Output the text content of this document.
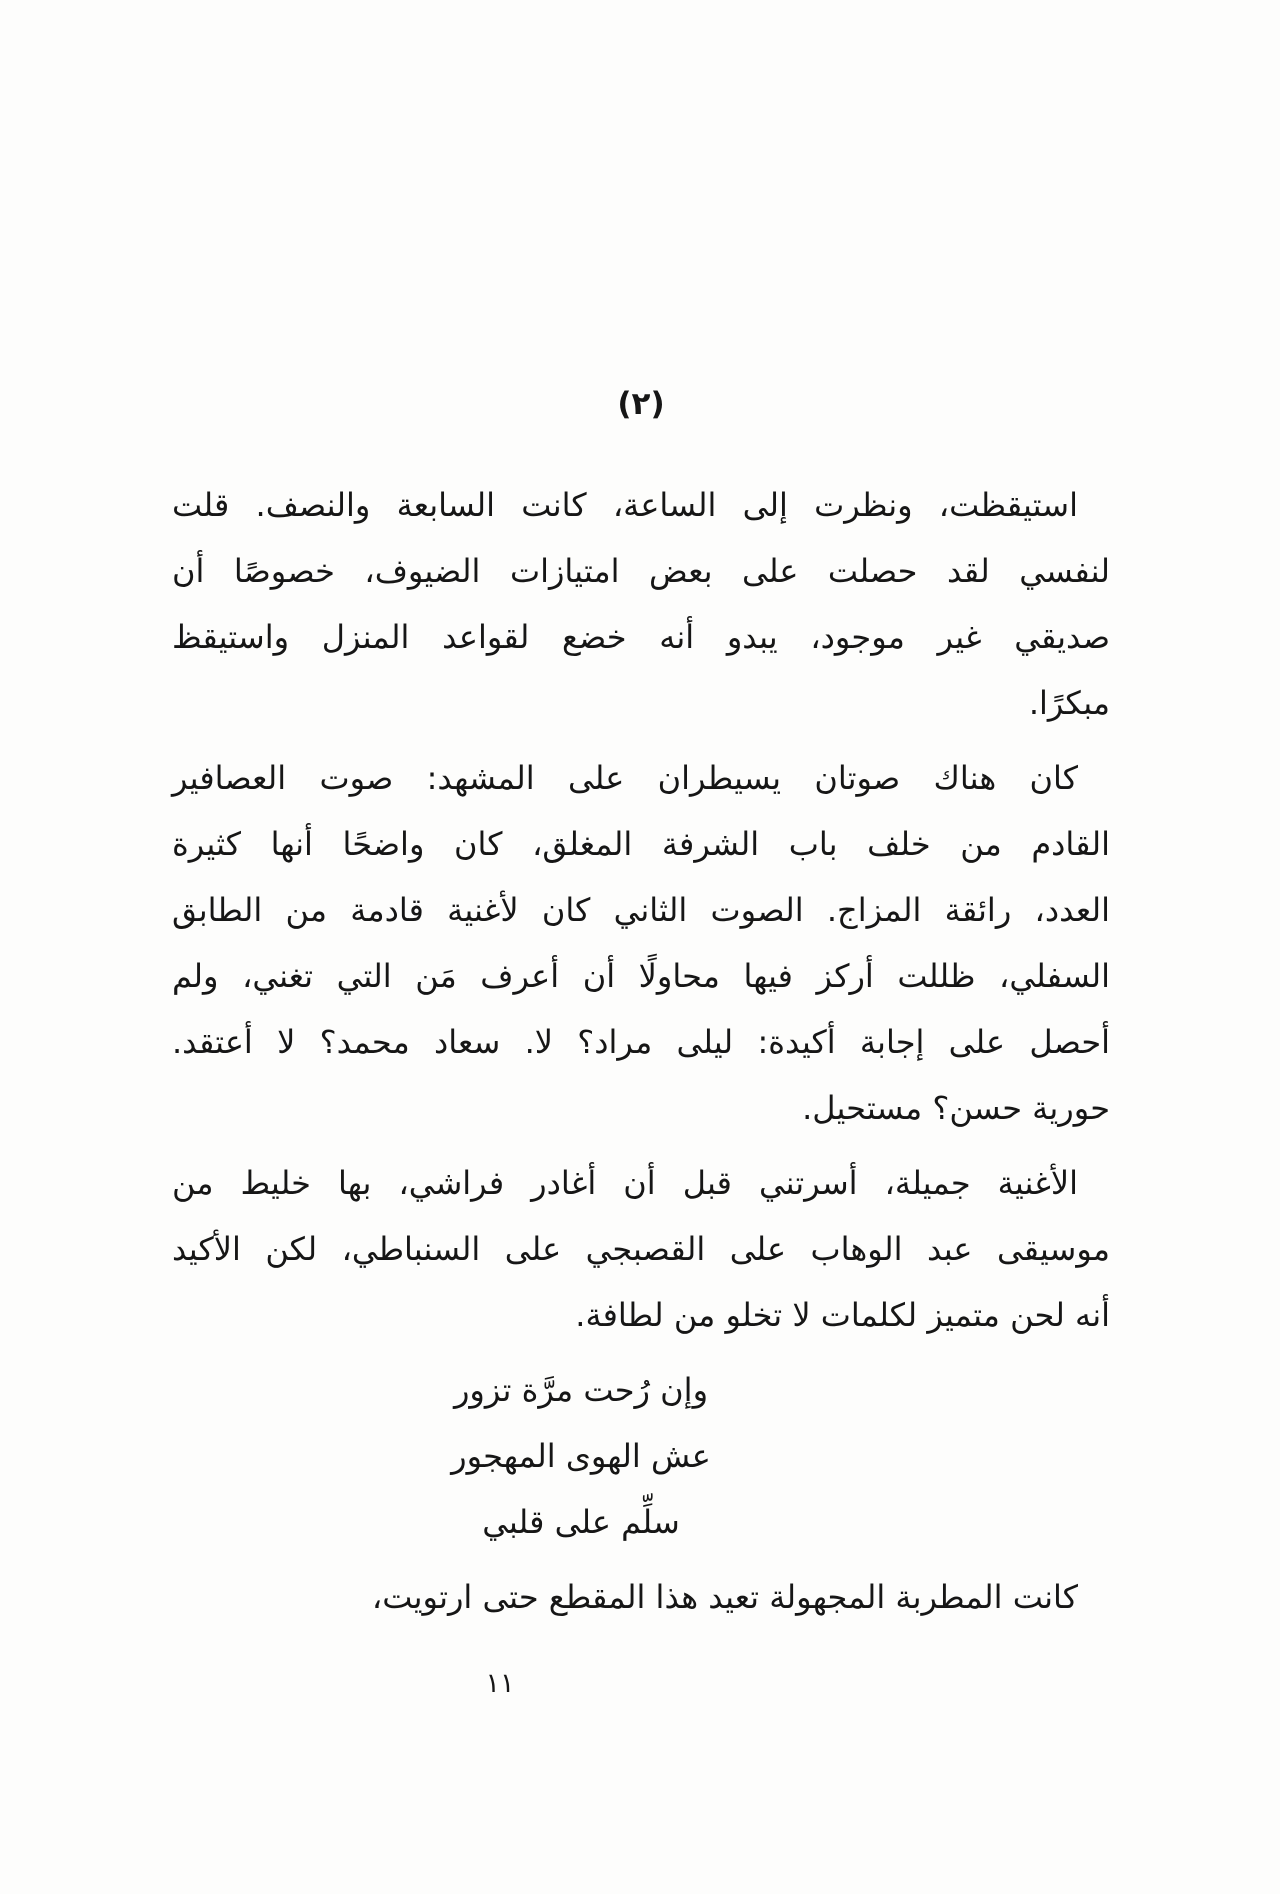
(٢)
استيقظت، ونظرت إلى الساعة، كانت السابعة والنصف. قلت
لنفسي لقد حصلت على بعض امتيازات الضيوف، خصوصًا أن
صديقي غير موجود، يبدو أنه خضع لقواعد المنزل واستيقظ
مبكرًا.
كان هناك صوتان يسيطران على المشهد: صوت العصافير
القادم من خلف باب الشرفة المغلق، كان واضحًا أنها كثيرة
العدد، رائقة المزاج. الصوت الثاني كان لأغنية قادمة من الطابق
السفلي، ظللت أركز فيها محاولًا أن أعرف مَن التي تغني، ولم
أحصل على إجابة أكيدة: ليلى مراد؟ لا. سعاد محمد؟ لا أعتقد.
حورية حسن؟ مستحيل.
الأغنية جميلة، أسرتني قبل أن أغادر فراشي، بها خليط من
موسيقى عبد الوهاب على القصبجي على السنباطي، لكن الأكيد
أنه لحن متميز لكلمات لا تخلو من لطافة.
وإن رُحت مرَّة تزور
عش الهوى المهجور
سلِّم على قلبي
كانت المطربة المجهولة تعيد هذا المقطع حتى ارتويت،
١١
